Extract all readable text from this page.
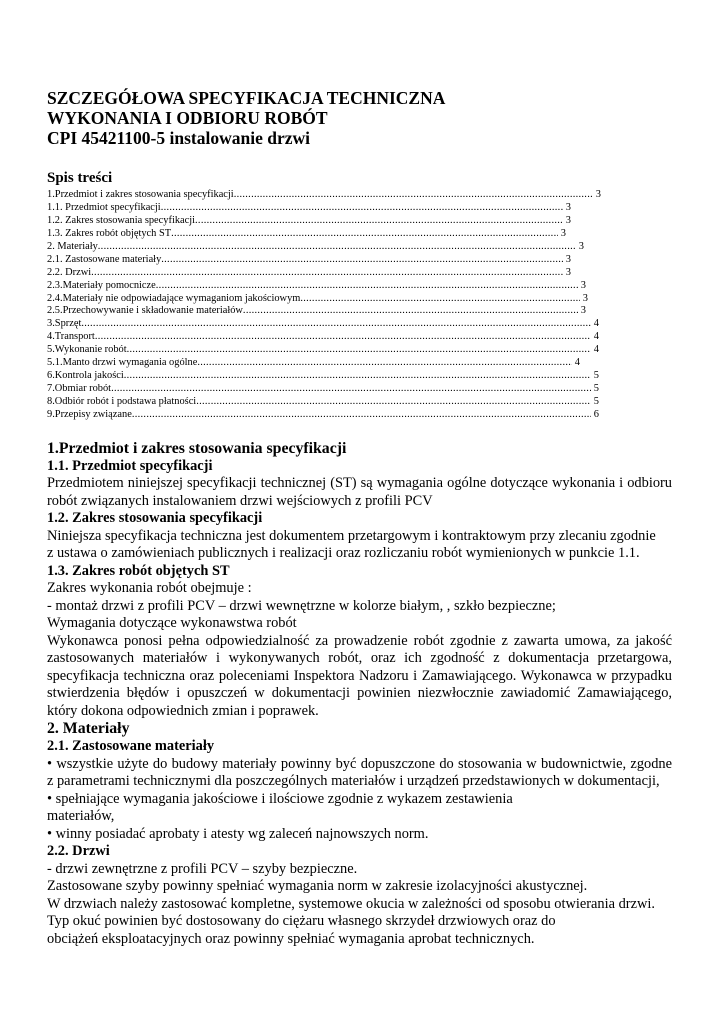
SZCZEGÓŁOWA SPECYFIKACJA TECHNICZNA
WYKONANIA I ODBIORU ROBÓT
CPI 45421100-5 instalowanie drzwi
Spis treści
1.Przedmiot i zakres stosowania specyfikacji .....	3
1.1. Przedmiot specyfikacji .....	3
1.2. Zakres stosowania specyfikacji .....	3
1.3. Zakres robót objętych ST .....	3
2. Materiały .....	3
2.1. Zastosowane materiały .....	3
2.2. Drzwi .....	3
2.3.Materiały pomocnicze .....	3
2.4.Materiały nie odpowiadające wymaganiom jakościowym .....	3
2.5.Przechowywanie i składowanie materiałów .....	3
3.Sprzęt .....	4
4.Transport .....	4
5.Wykonanie robót .....	4
5.1.Manto drzwi wymagania ogólne .....	4
6.Kontrola jakości .....	5
7.Obmiar robót .....	5
8.Odbiór robót i podstawa płatności .....	5
9.Przepisy związane .....	6
1.Przedmiot i zakres stosowania specyfikacji
1.1. Przedmiot specyfikacji

Przedmiotem niniejszej specyfikacji technicznej (ST) są wymagania ogólne dotyczące wykonania i odbioru robót związanych instalowaniem drzwi wejściowych z profili PCV

1.2. Zakres stosowania specyfikacji

Niniejsza specyfikacja techniczna jest dokumentem przetargowym i kontraktowym przy zlecaniu zgodnie

z ustawa o zamówieniach publicznych i realizacji oraz rozliczaniu robót wymienionych w punkcie 1.1.

1.3. Zakres robót objętych ST

Zakres wykonania robót obejmuje :

- montaż drzwi z profili PCV – drzwi wewnętrzne w kolorze białym, , szkło bezpieczne;

Wymagania dotyczące wykonawstwa robót

Wykonawca ponosi pełna odpowiedzialność za prowadzenie robót zgodnie z zawarta umowa, za jakość zastosowanych materiałów i wykonywanych robót, oraz ich zgodność z dokumentacja przetargowa, specyfikacja techniczna oraz poleceniami Inspektora Nadzoru i Zamawiającego. Wykonawca w przypadku stwierdzenia błędów i opuszczeń w dokumentacji powinien niezwłocznie zawiadomić Zamawiającego, który dokona odpowiednich zmian i poprawek.

2. Materiały
2.1. Zastosowane materiały

• wszystkie użyte do budowy materiały powinny być dopuszczone do stosowania w budownictwie, zgodne z parametrami technicznymi dla poszczególnych materiałów i urządzeń przedstawionych w dokumentacji,

• spełniające wymagania jakościowe i ilościowe zgodnie z wykazem zestawienia

materiałów,

• winny posiadać aprobaty i atesty wg zaleceń najnowszych norm.

2.2. Drzwi

- drzwi zewnętrzne z profili PCV – szyby bezpieczne.

Zastosowane szyby powinny spełniać wymagania norm w zakresie izolacyjności akustycznej.

W drzwiach należy zastosować kompletne, systemowe okucia w zależności od sposobu otwierania drzwi.

Typ okuć powinien być dostosowany do ciężaru własnego skrzydeł drzwiowych oraz do

obciążeń eksploatacyjnych oraz powinny spełniać wymagania aprobat technicznych.
